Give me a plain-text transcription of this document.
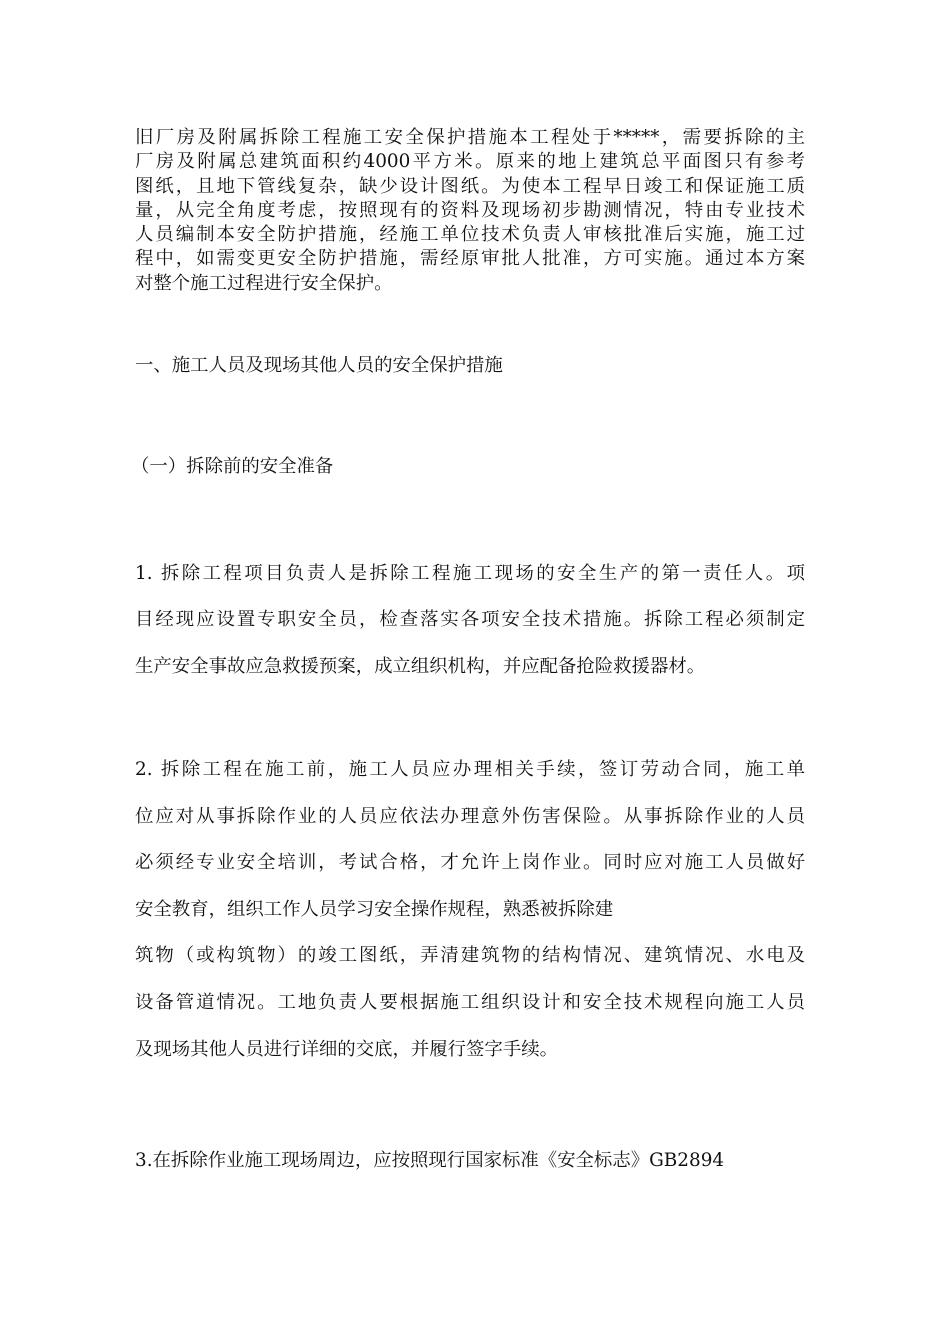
旧厂房及附属拆除工程施工安全保护措施本工程处于*****，需要拆除的主
厂房及附属总建筑面积约4000平方米。原来的地上建筑总平面图只有参考
图纸，且地下管线复杂，缺少设计图纸。为使本工程早日竣工和保证施工质
量，从完全角度考虑，按照现有的资料及现场初步勘测情况，特由专业技术
人员编制本安全防护措施，经施工单位技术负责人审核批准后实施，施工过
程中，如需变更安全防护措施，需经原审批人批准，方可实施。通过本方案
对整个施工过程进行安全保护。
一、施工人员及现场其他人员的安全保护措施
（一）拆除前的安全准备
1. 拆除工程项目负责人是拆除工程施工现场的安全生产的第一责任人。项
目经现应设置专职安全员，检查落实各项安全技术措施。拆除工程必须制定
生产安全事故应急救援预案，成立组织机构，并应配备抢险救援器材。
2. 拆除工程在施工前，施工人员应办理相关手续，签订劳动合同，施工单
位应对从事拆除作业的人员应依法办理意外伤害保险。从事拆除作业的人员
必须经专业安全培训，考试合格，才允许上岗作业。同时应对施工人员做好
安全教育，组织工作人员学习安全操作规程，熟悉被拆除建
筑物（或构筑物）的竣工图纸，弄清建筑物的结构情况、建筑情况、水电及
设备管道情况。工地负责人要根据施工组织设计和安全技术规程向施工人员
及现场其他人员进行详细的交底，并履行签字手续。
3.在拆除作业施工现场周边，应按照现行国家标准《安全标志》GB2894
